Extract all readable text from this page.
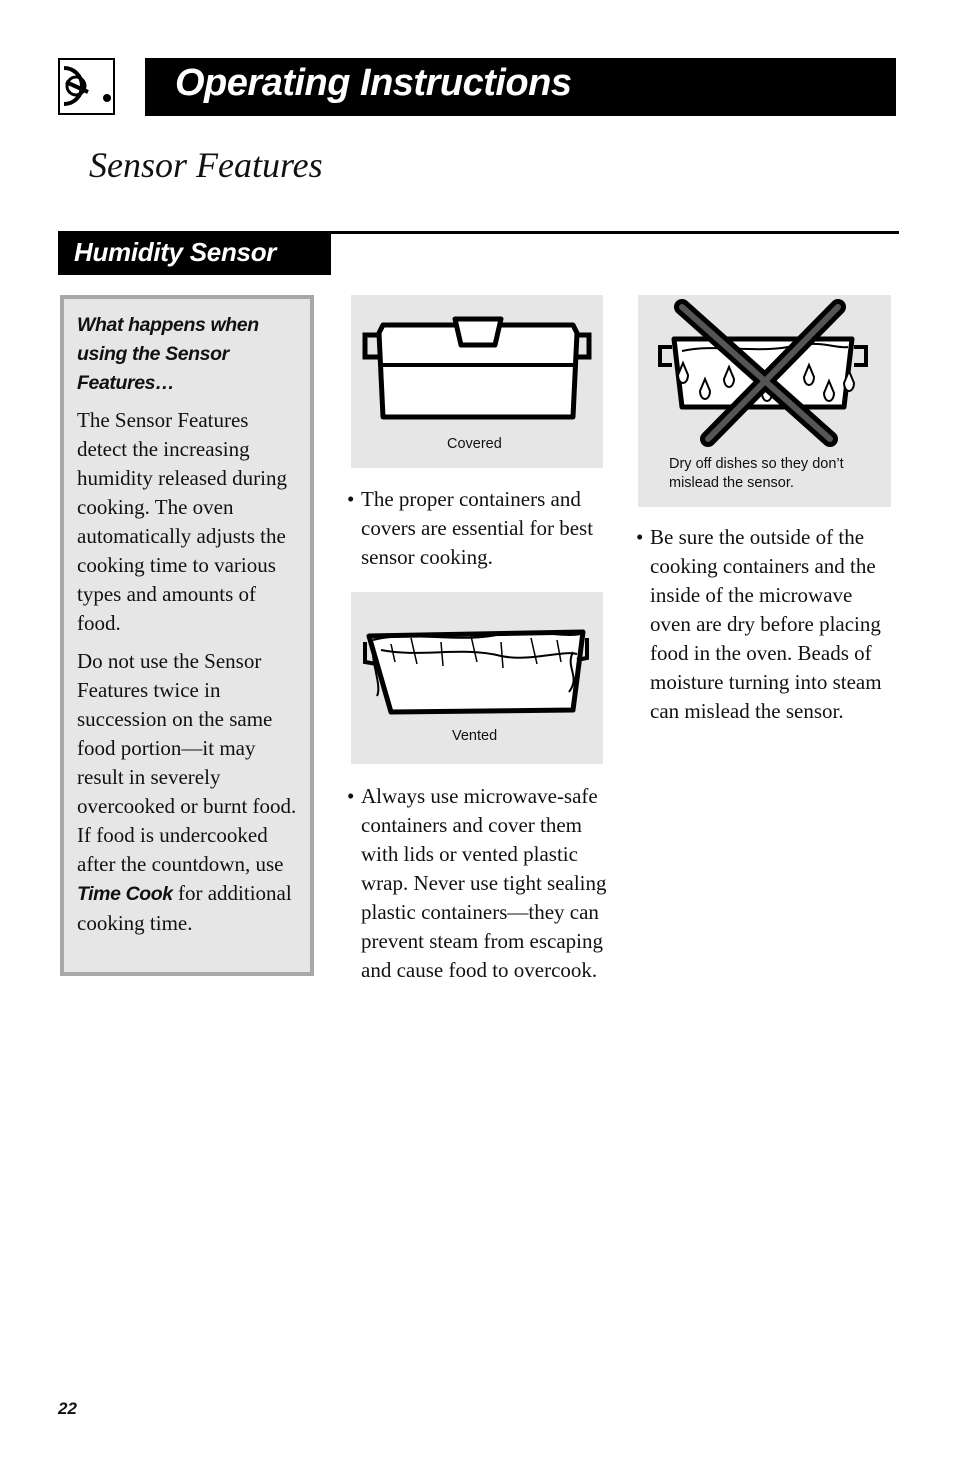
Operating Instructions
Sensor Features
Humidity Sensor

What happens when using the Sensor Features…

The Sensor Features detect the increasing humidity released during cooking. The oven automatically adjusts the cooking time to various types and amounts of food.

Do not use the Sensor Features twice in succession on the same food portion—it may result in severely overcooked or burnt food. If food is undercooked after the countdown, use Time Cook for additional cooking time.

Covered
Vented
Dry off dishes so they don’t mislead the sensor.
• The proper containers and covers are essential for best sensor cooking.
• Always use microwave-safe containers and cover them with lids or vented plastic wrap. Never use tight sealing plastic containers—they can prevent steam from escaping and cause food to overcook.
• Be sure the outside of the cooking containers and the inside of the microwave oven are dry before placing food in the oven. Beads of moisture turning into steam can mislead the sensor.
22
